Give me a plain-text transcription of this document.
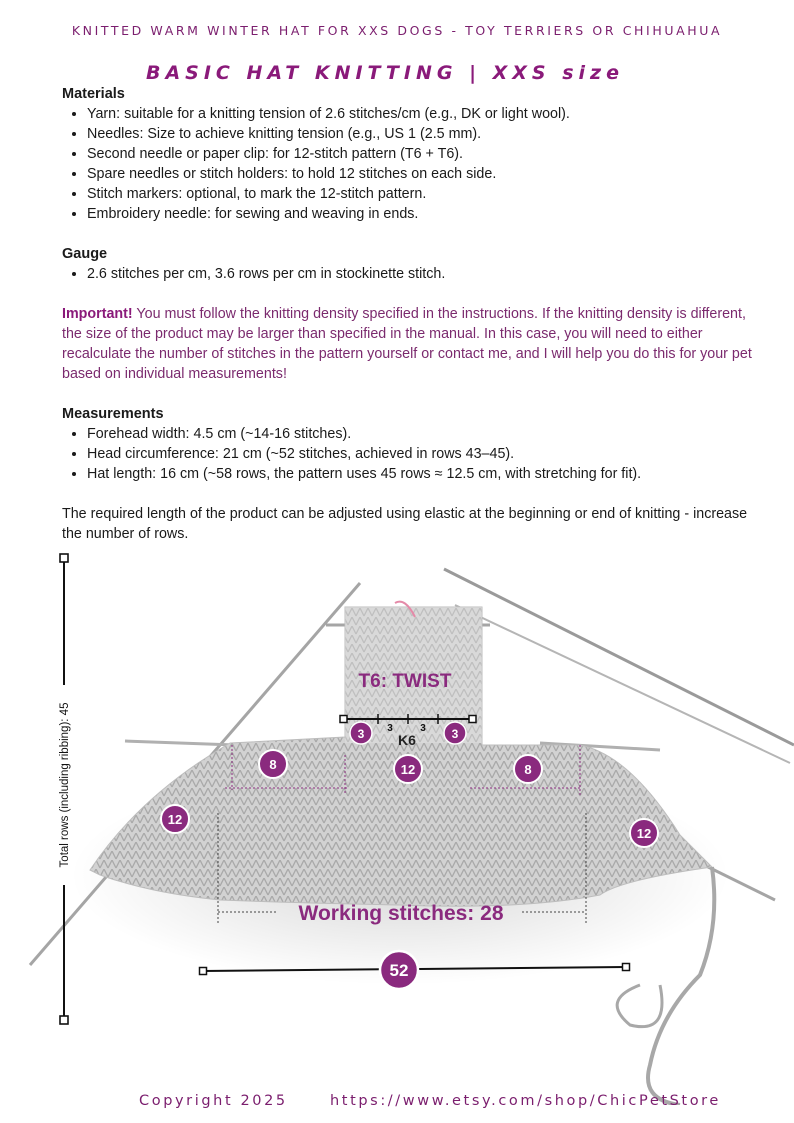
KNITTED WARM WINTER HAT FOR XXS DOGS - TOY TERRIERS OR CHIHUAHUA
BASIC HAT KNITTING | XXS size
Materials
• Yarn: suitable for a knitting tension of 2.6 stitches/cm (e.g., DK or light wool).
• Needles: Size to achieve knitting tension (e.g., US 1 (2.5 mm).
• Second needle or paper clip: for 12-stitch pattern (T6 + T6).
• Spare needles or stitch holders: to hold 12 stitches on each side.
• Stitch markers: optional, to mark the 12-stitch pattern.
• Embroidery needle: for sewing and weaving in ends.
Gauge
• 2.6 stitches per cm, 3.6 rows per cm in stockinette stitch.

Important! You must follow the knitting density specified in the instructions. If the knitting density is different, the size of the product may be larger than specified in the manual. In this case, you will need to either recalculate the number of stitches in the pattern yourself or contact me, and I will help you do this for your pet based on individual measurements!

Measurements
• Forehead width: 4.5 cm (~14-16 stitches).
• Head circumference: 21 cm (~52 stitches, achieved in rows 43–45).
• Hat length: 16 cm (~58 rows, the pattern uses 45 rows ≈ 12.5 cm, with stretching for fit).

The required length of the product can be adjusted using elastic at the beginning or end of knitting - increase the number of rows.

Total rows (including ribbing): 45
T6: TWIST
3	3
K6
3	3
8	12	8
12
12
Working stitches: 28
52
Copyright 2025	https://www.etsy.com/shop/ChicPetStore
